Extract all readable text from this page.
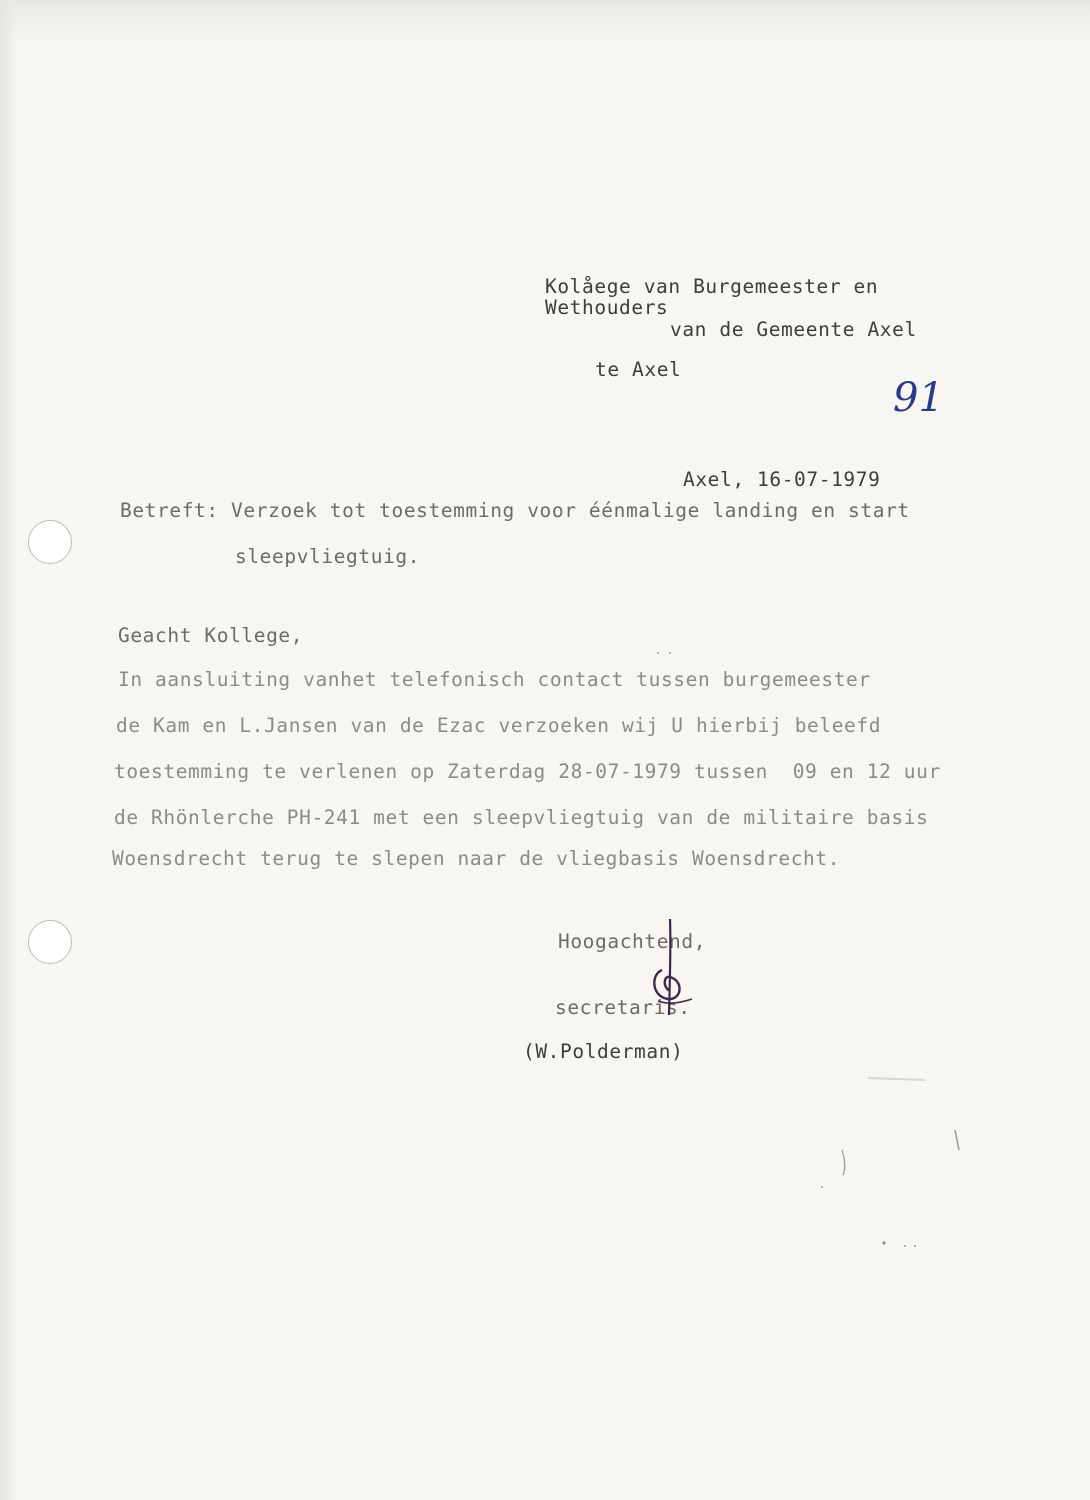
Kolåege van Burgemeester en
Wethouders
van de Gemeente Axel
te Axel
91
Axel, 16-07-1979
Betreft: Verzoek tot toestemming voor éénmalige landing en start
sleepvliegtuig.
Geacht Kollege,
In aansluiting vanhet telefonisch contact tussen burgemeester
de Kam en L.Jansen van de Ezac verzoeken wij U hierbij beleefd
toestemming te verlenen op Zaterdag 28-07-1979 tussen  09 en 12 uur
de Rhönlerche PH-241 met een sleepvliegtuig van de militaire basis
Woensdrecht terug te slepen naar de vliegbasis Woensdrecht.
Hoogachtend,
secretaris.
(W.Polderman)
